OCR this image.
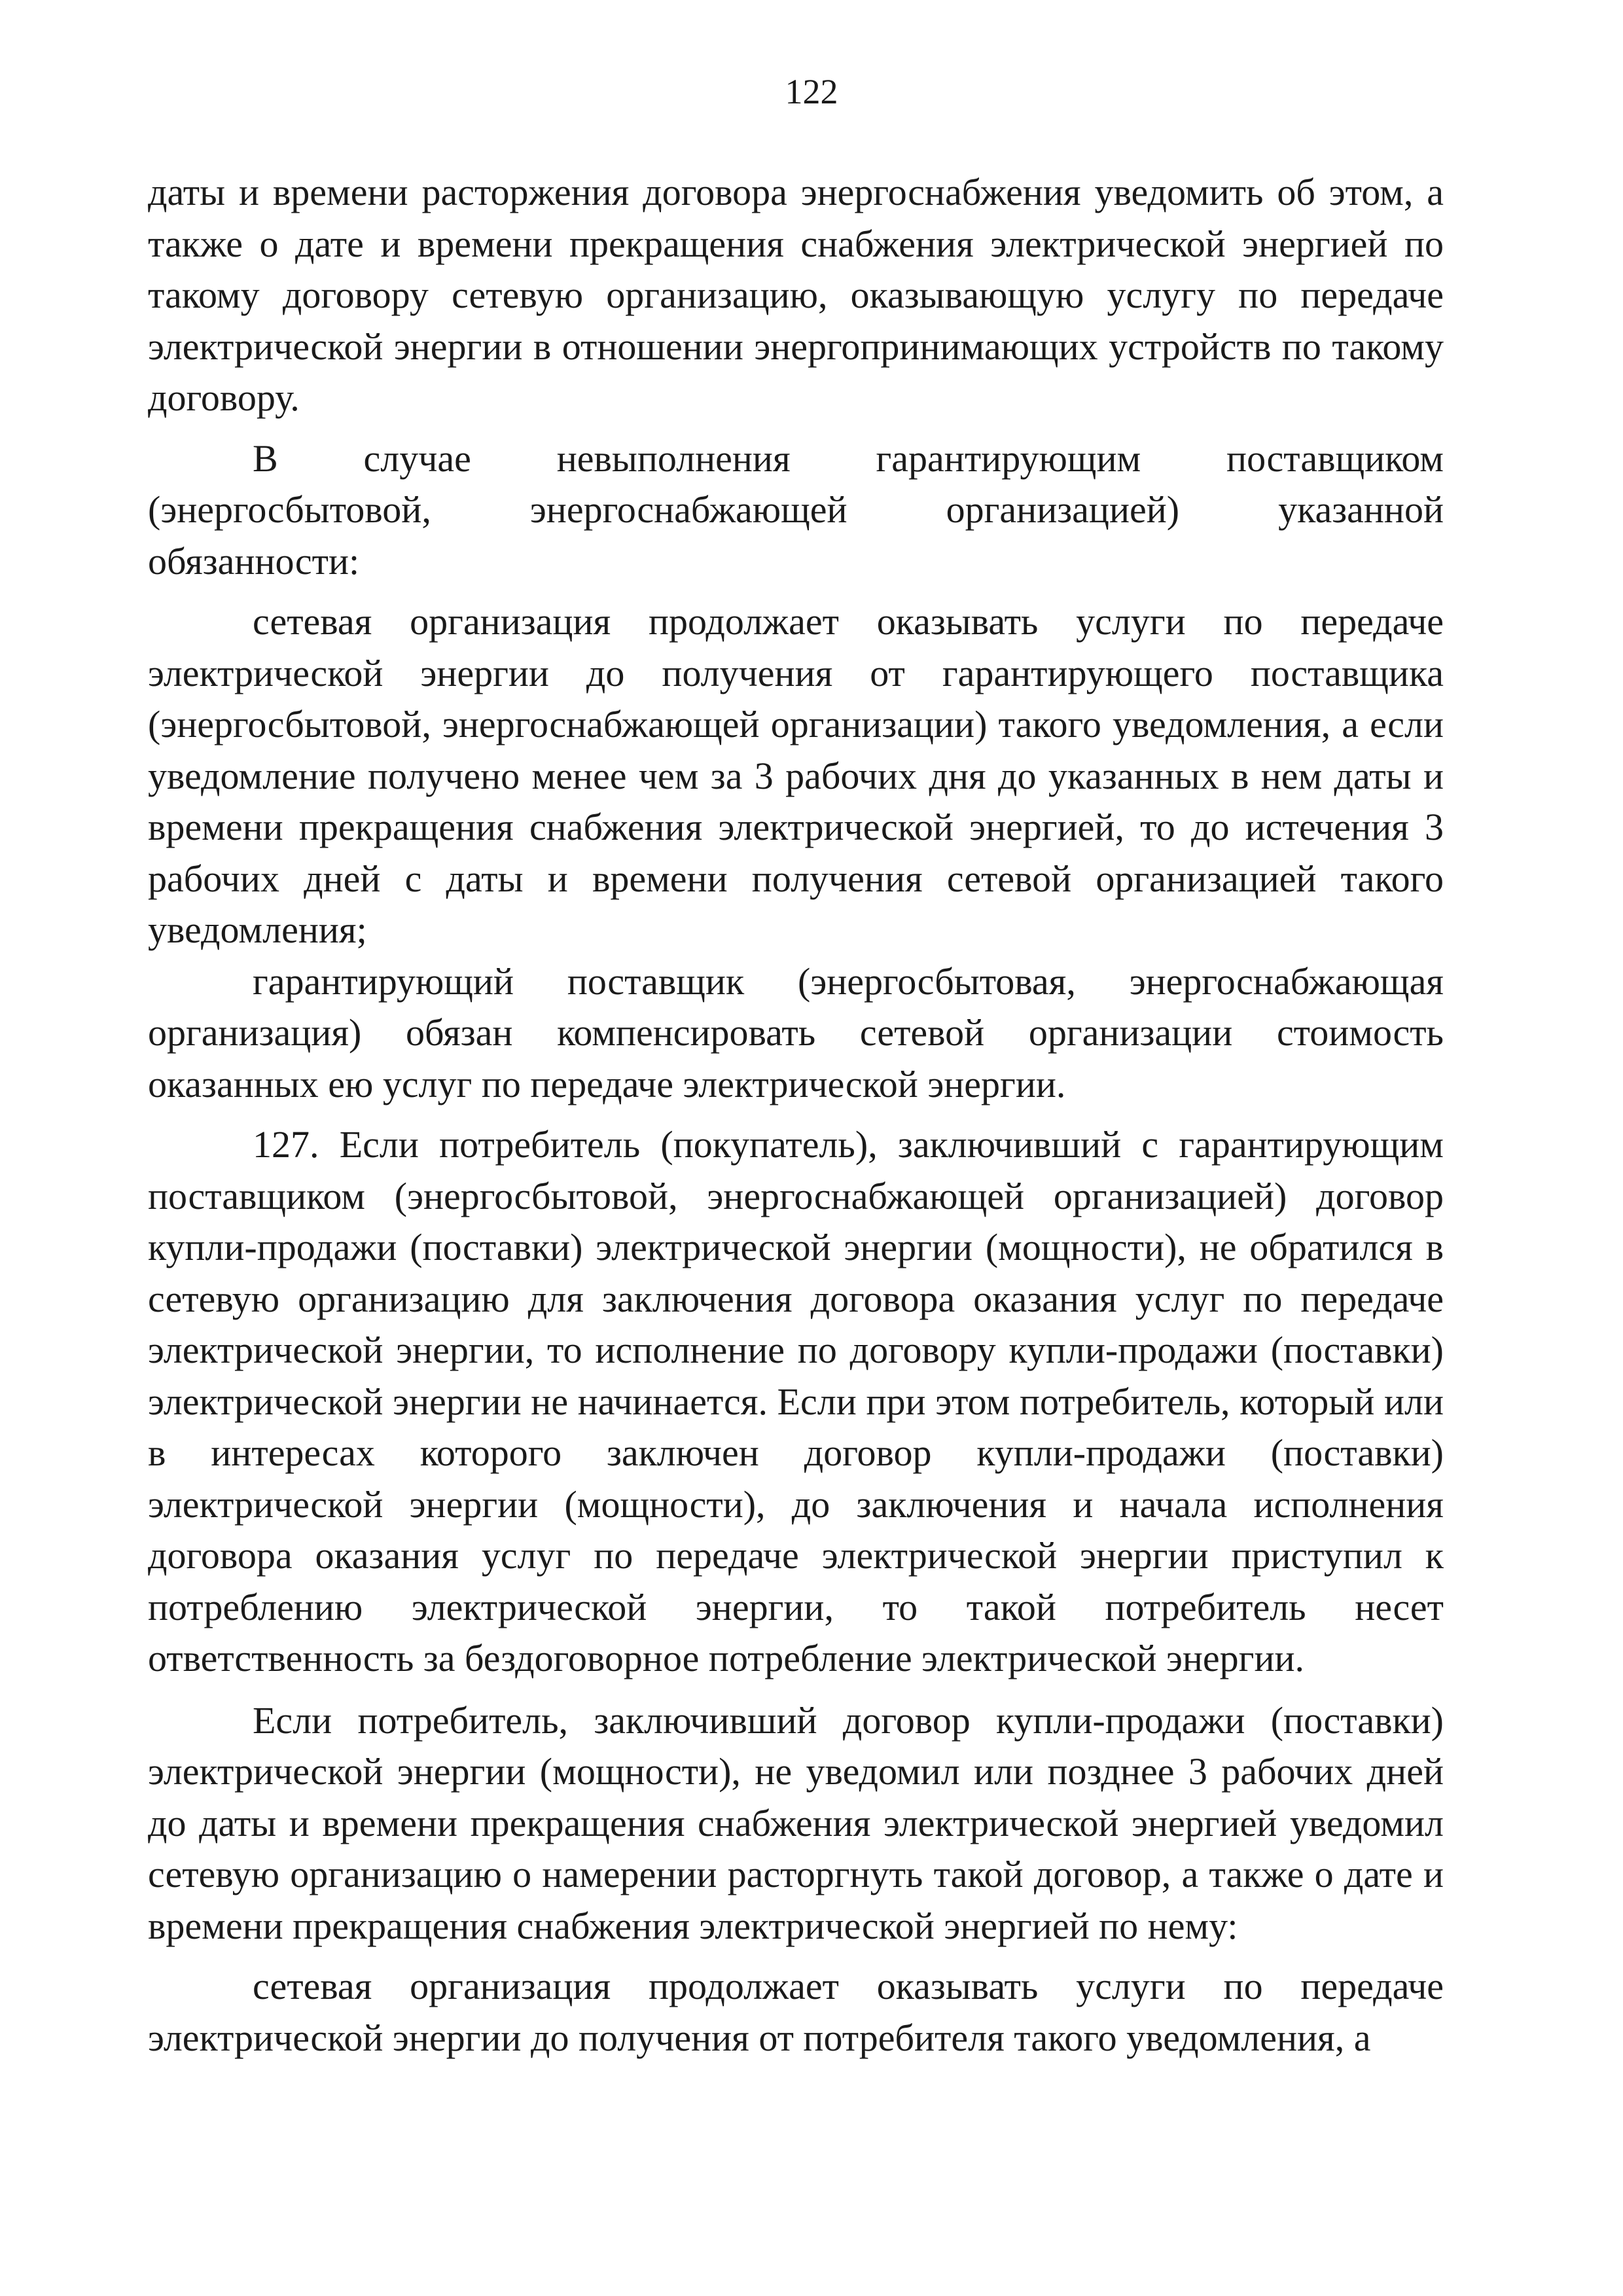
122

даты и времени расторжения договора энергоснабжения уведомить об этом, а также о дате и времени прекращения снабжения электрической энергией по такому договору сетевую организацию, оказывающую услугу по передаче электрической энергии в отношении энергопринимающих устройств по такому договору.

В случае невыполнения гарантирующим поставщиком
(энергосбытовой,	энергоснабжающей	организацией)	указанной
обязанности:

сетевая организация продолжает оказывать услуги по передаче электрической энергии до получения от гарантирующего поставщика (энергосбытовой, энергоснабжающей организации) такого уведомления, а если уведомление получено менее чем за 3 рабочих дня до указанных в нем даты и времени прекращения снабжения электрической энергией, то до истечения 3 рабочих дней с даты и времени получения сетевой организацией такого уведомления;

гарантирующий поставщик (энергосбытовая, энергоснабжающая организация) обязан компенсировать сетевой организации стоимость оказанных ею услуг по передаче электрической энергии.

127. Если потребитель (покупатель), заключивший с гарантирующим поставщиком (энергосбытовой, энергоснабжающей организацией) договор купли-продажи (поставки) электрической энергии (мощности), не обратился в сетевую организацию для заключения договора оказания услуг по передаче электрической энергии, то исполнение по договору купли-продажи (поставки) электрической энергии не начинается. Если при этом потребитель, который или в интересах которого заключен договор купли-продажи (поставки) электрической энергии (мощности), до заключения и начала исполнения договора оказания услуг по передаче электрической энергии приступил к потреблению электрической энергии, то такой потребитель несет ответственность за бездоговорное потребление электрической энергии.

Если потребитель, заключивший договор купли-продажи (поставки) электрической энергии (мощности), не уведомил или позднее 3 рабочих дней до даты и времени прекращения снабжения электрической энергией уведомил сетевую организацию о намерении расторгнуть такой договор, а также о дате и времени прекращения снабжения электрической энергией по нему:

сетевая организация продолжает оказывать услуги по передаче электрической энергии до получения от потребителя такого уведомления, а
